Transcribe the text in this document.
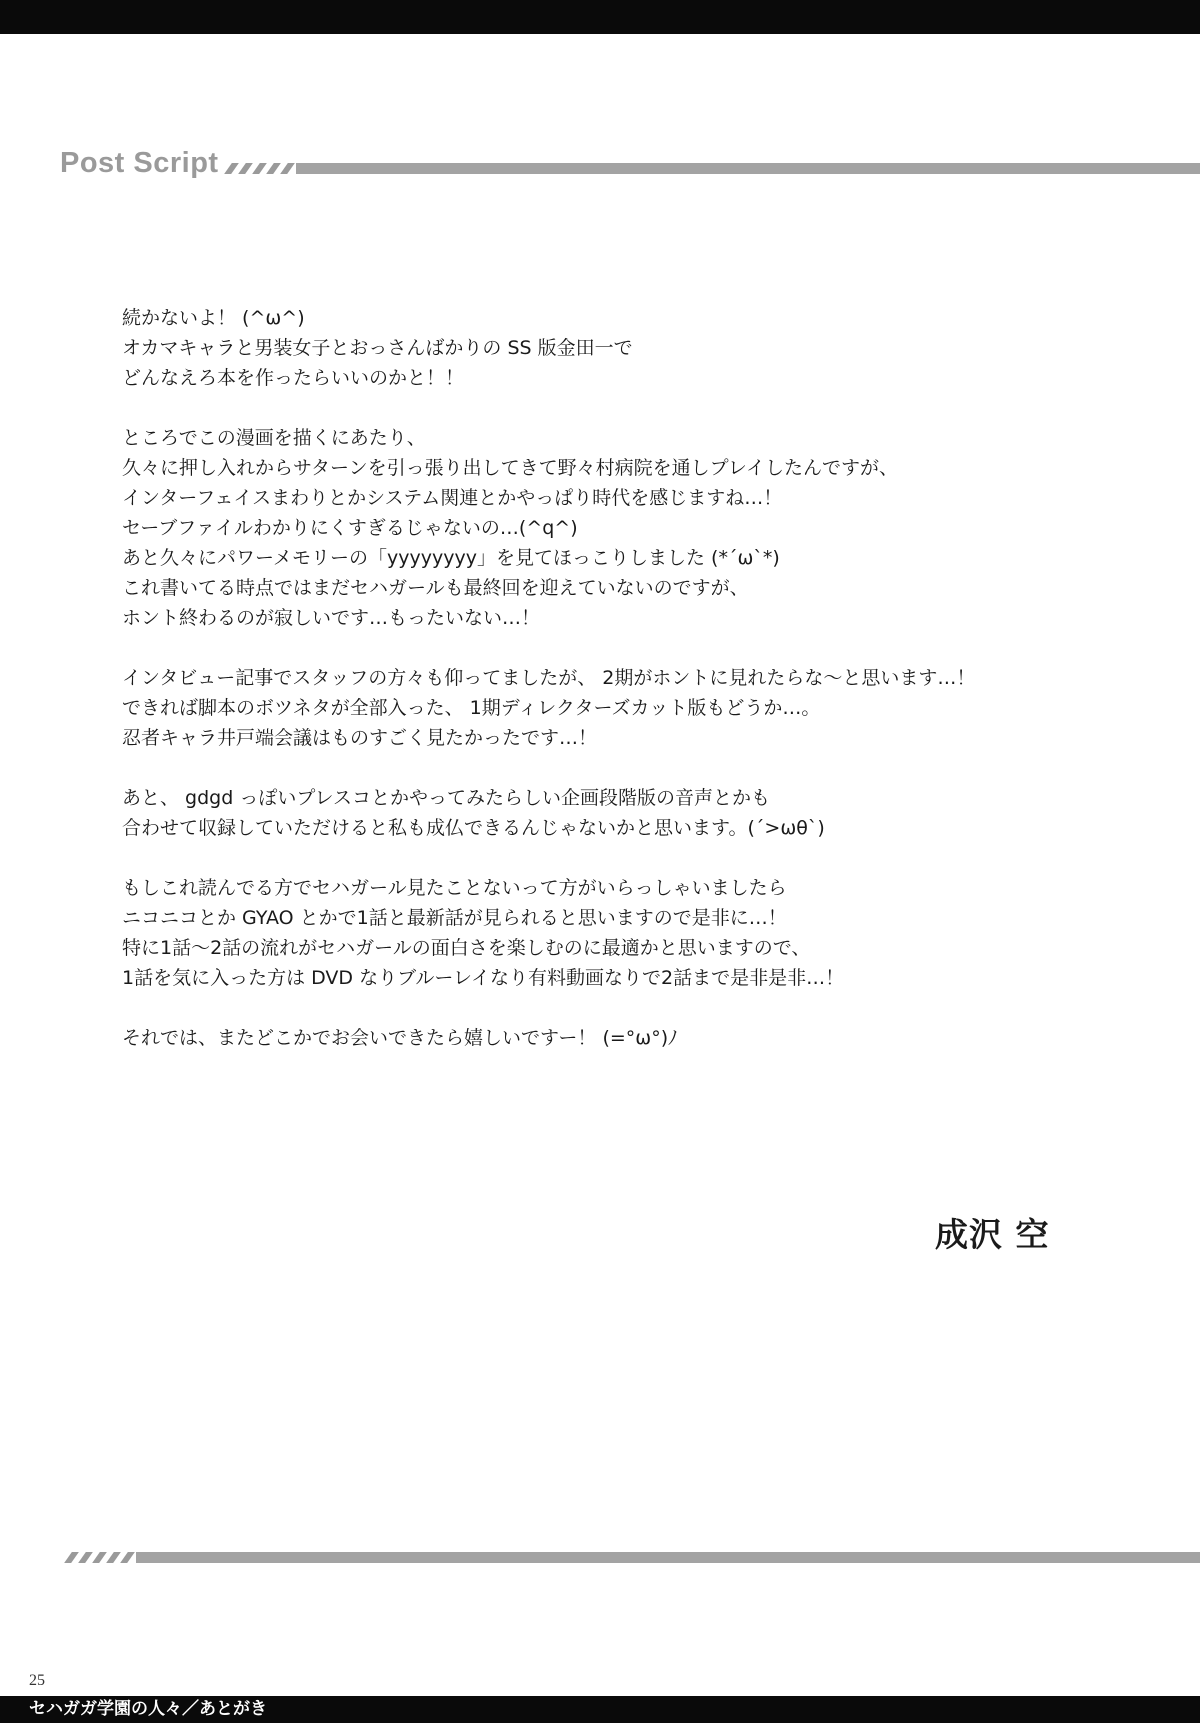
Post Script
続かないよ！ (^ω^)
オカマキャラと男装女子とおっさんばかりの SS 版金田一で
どんなえろ本を作ったらいいのかと！！
ところでこの漫画を描くにあたり、
久々に押し入れからサターンを引っ張り出してきて野々村病院を通しプレイしたんですが、
インターフェイスまわりとかシステム関連とかやっぱり時代を感じますね…！
セーブファイルわかりにくすぎるじゃないの…(^q^)
あと久々にパワーメモリーの「yyyyyyyy」を見てほっこりしました (*´ω`*)
これ書いてる時点ではまだセハガールも最終回を迎えていないのですが、
ホント終わるのが寂しいです…もったいない…！
インタビュー記事でスタッフの方々も仰ってましたが、 2期がホントに見れたらな～と思います…！
できれば脚本のボツネタが全部入った、 1期ディレクターズカット版もどうか…。
忍者キャラ井戸端会議はものすごく見たかったです…！
あと、 gdgd っぽいプレスコとかやってみたらしい企画段階版の音声とかも
合わせて収録していただけると私も成仏できるんじゃないかと思います。(´>ωθ`)
もしこれ読んでる方でセハガール見たことないって方がいらっしゃいましたら
ニコニコとか GYAO とかで1話と最新話が見られると思いますので是非に…！
特に1話～2話の流れがセハガールの面白さを楽しむのに最適かと思いますので、
1話を気に入った方は DVD なりブルーレイなり有料動画なりで2話まで是非是非…！
それでは、またどこかでお会いできたら嬉しいですー！ (=°ω°)ﾉ
成沢 空
25
セハガガ学園の人々／あとがき
